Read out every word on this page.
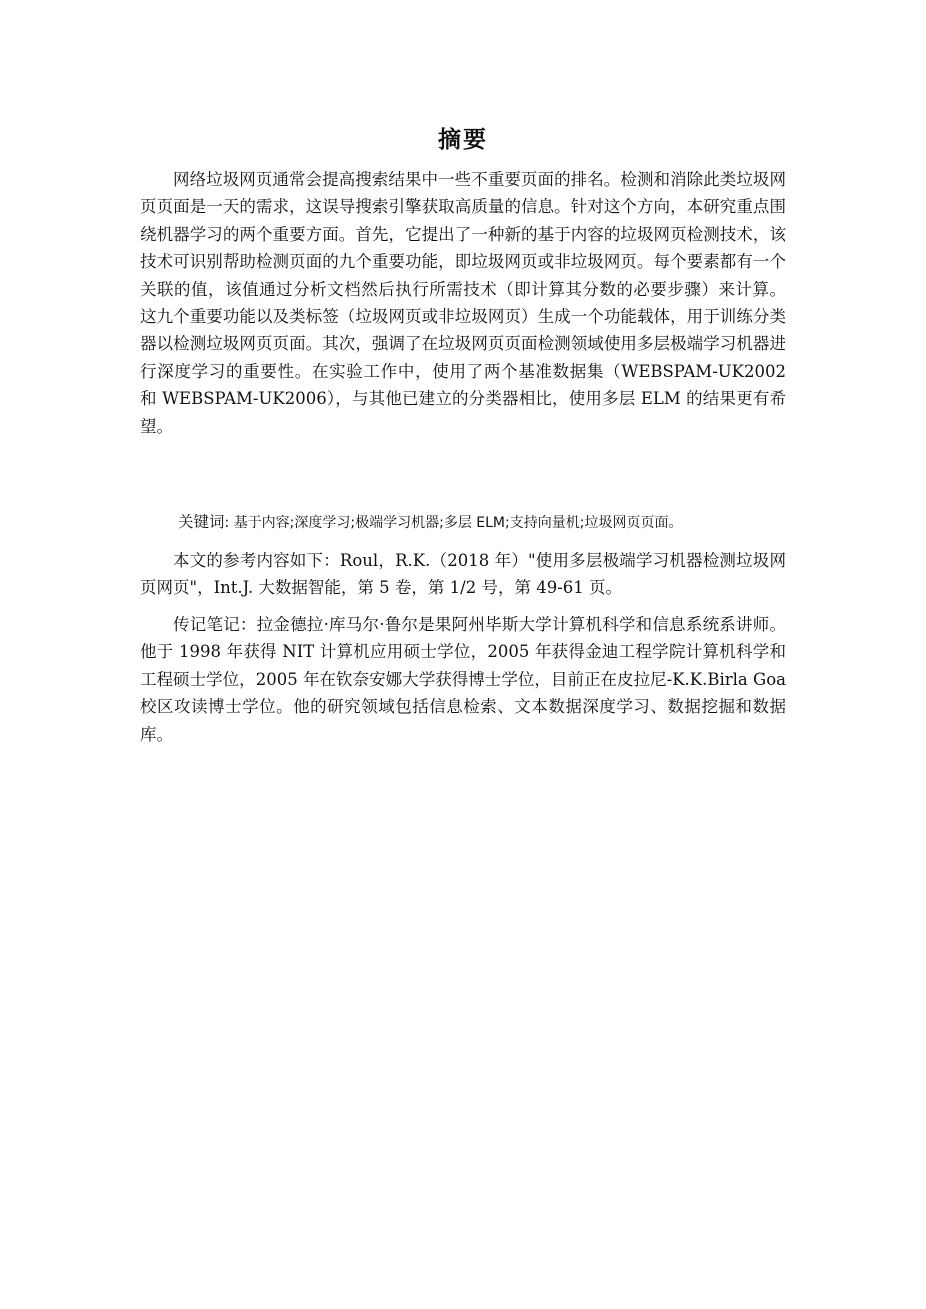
摘要

网络垃圾网页通常会提高搜索结果中一些不重要页面的排名。检测和消除此类垃圾网页页面是一天的需求，这误导搜索引擎获取高质量的信息。针对这个方向，本研究重点围绕机器学习的两个重要方面。首先，它提出了一种新的基于内容的垃圾网页检测技术，该技术可识别帮助检测页面的九个重要功能，即垃圾网页或非垃圾网页。每个要素都有一个关联的值，该值通过分析文档然后执行所需技术（即计算其分数的必要步骤）来计算。 这九个重要功能以及类标签（垃圾网页或非垃圾网页）生成一个功能载体，用于训练分类器以检测垃圾网页页面。其次，强调了在垃圾网页页面检测领域使用多层极端学习机器进行深度学习的重要性。在实验工作中，使用了两个基准数据集（WEBSPAM-UK2002 和 WEBSPAM-UK2006），与其他已建立的分类器相比，使用多层 ELM 的结果更有希望。

关键词: 基于内容;深度学习;极端学习机器;多层 ELM;支持向量机;垃圾网页页面。

本文的参考内容如下：Roul，R.K.（2018 年）"使用多层极端学习机器检测垃圾网页网页"，Int.J. 大数据智能，第 5 卷，第 1/2 号，第 49-61 页。

传记笔记：拉金德拉·库马尔·鲁尔是果阿州毕斯大学计算机科学和信息系统系讲师。他于 1998 年获得 NIT 计算机应用硕士学位，2005 年获得金迪工程学院计算机科学和工程硕士学位，2005 年在钦奈安娜大学获得博士学位，目前正在皮拉尼-K.K.Birla Goa 校区攻读博士学位。他的研究领域包括信息检索、文本数据深度学习、数据挖掘和数据库。
